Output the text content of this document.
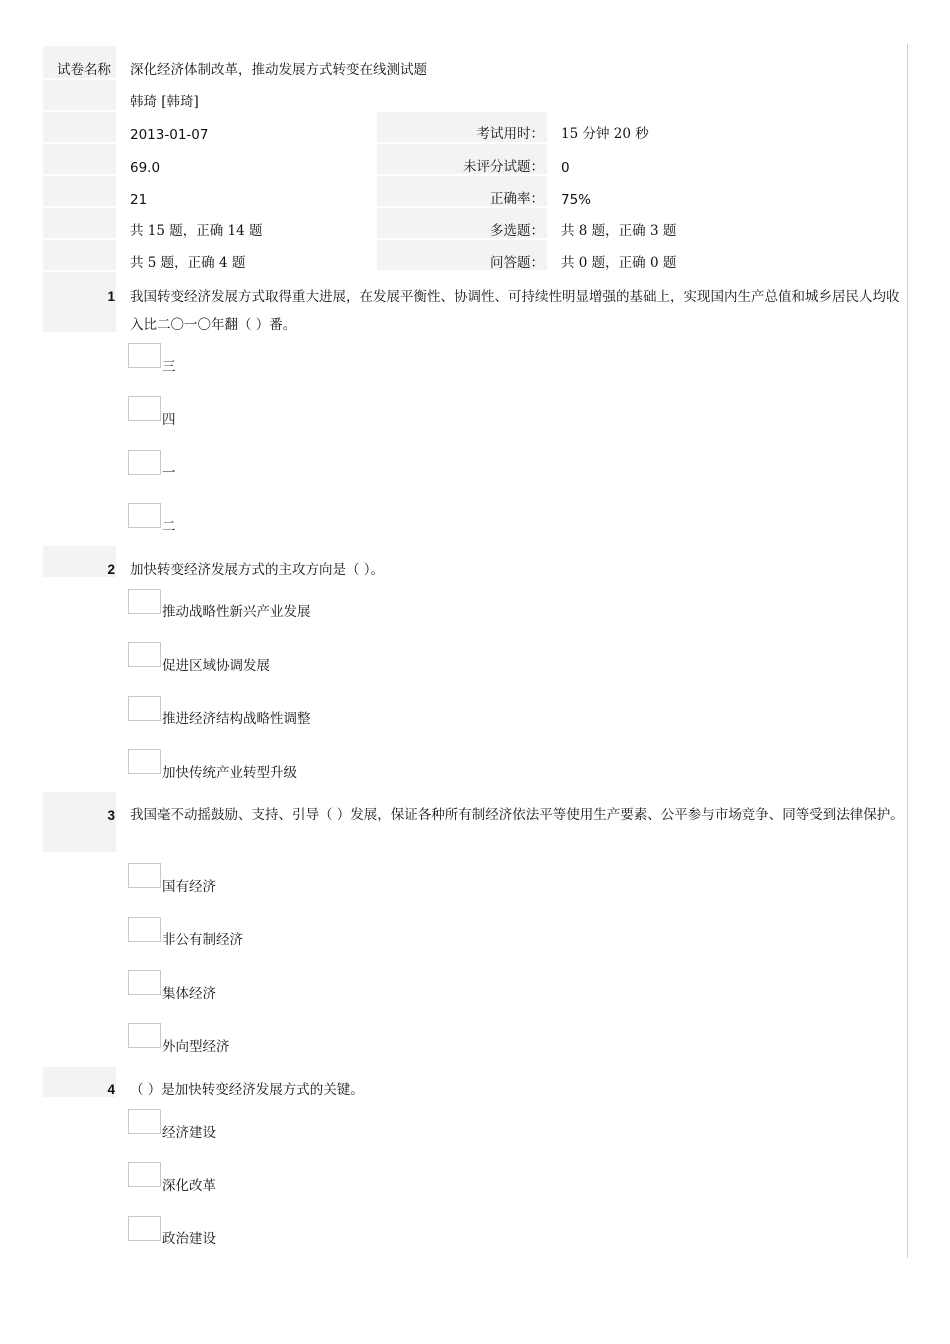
试卷名称 深化经济体制改革，推动发展方式转变在线测试题
韩琦 [韩琦]
2013-01-07	考试用时： 15 分钟 20 秒
69.0	未评分试题： 0
21	正确率： 75%
共 15 题，正确 14 题	多选题： 共 8 题，正确 3 题
共 5 题，正确 4 题	问答题： 共 0 题，正确 0 题
1 我国转变经济发展方式取得重大进展，在发展平衡性、协调性、可持续性明显增强的基础上，实现国内生产总值和城乡居民人均收入比二〇一〇年翻（ ）番。
三
四
一
二
2 加快转变经济发展方式的主攻方向是（ ）。
推动战略性新兴产业发展
促进区域协调发展
推进经济结构战略性调整
加快传统产业转型升级
3 我国毫不动摇鼓励、支持、引导（ ）发展，保证各种所有制经济依法平等使用生产要素、公平参与市场竞争、同等受到法律保护。
国有经济
非公有制经济
集体经济
外向型经济
4 （ ）是加快转变经济发展方式的关键。
经济建设
深化改革
政治建设
